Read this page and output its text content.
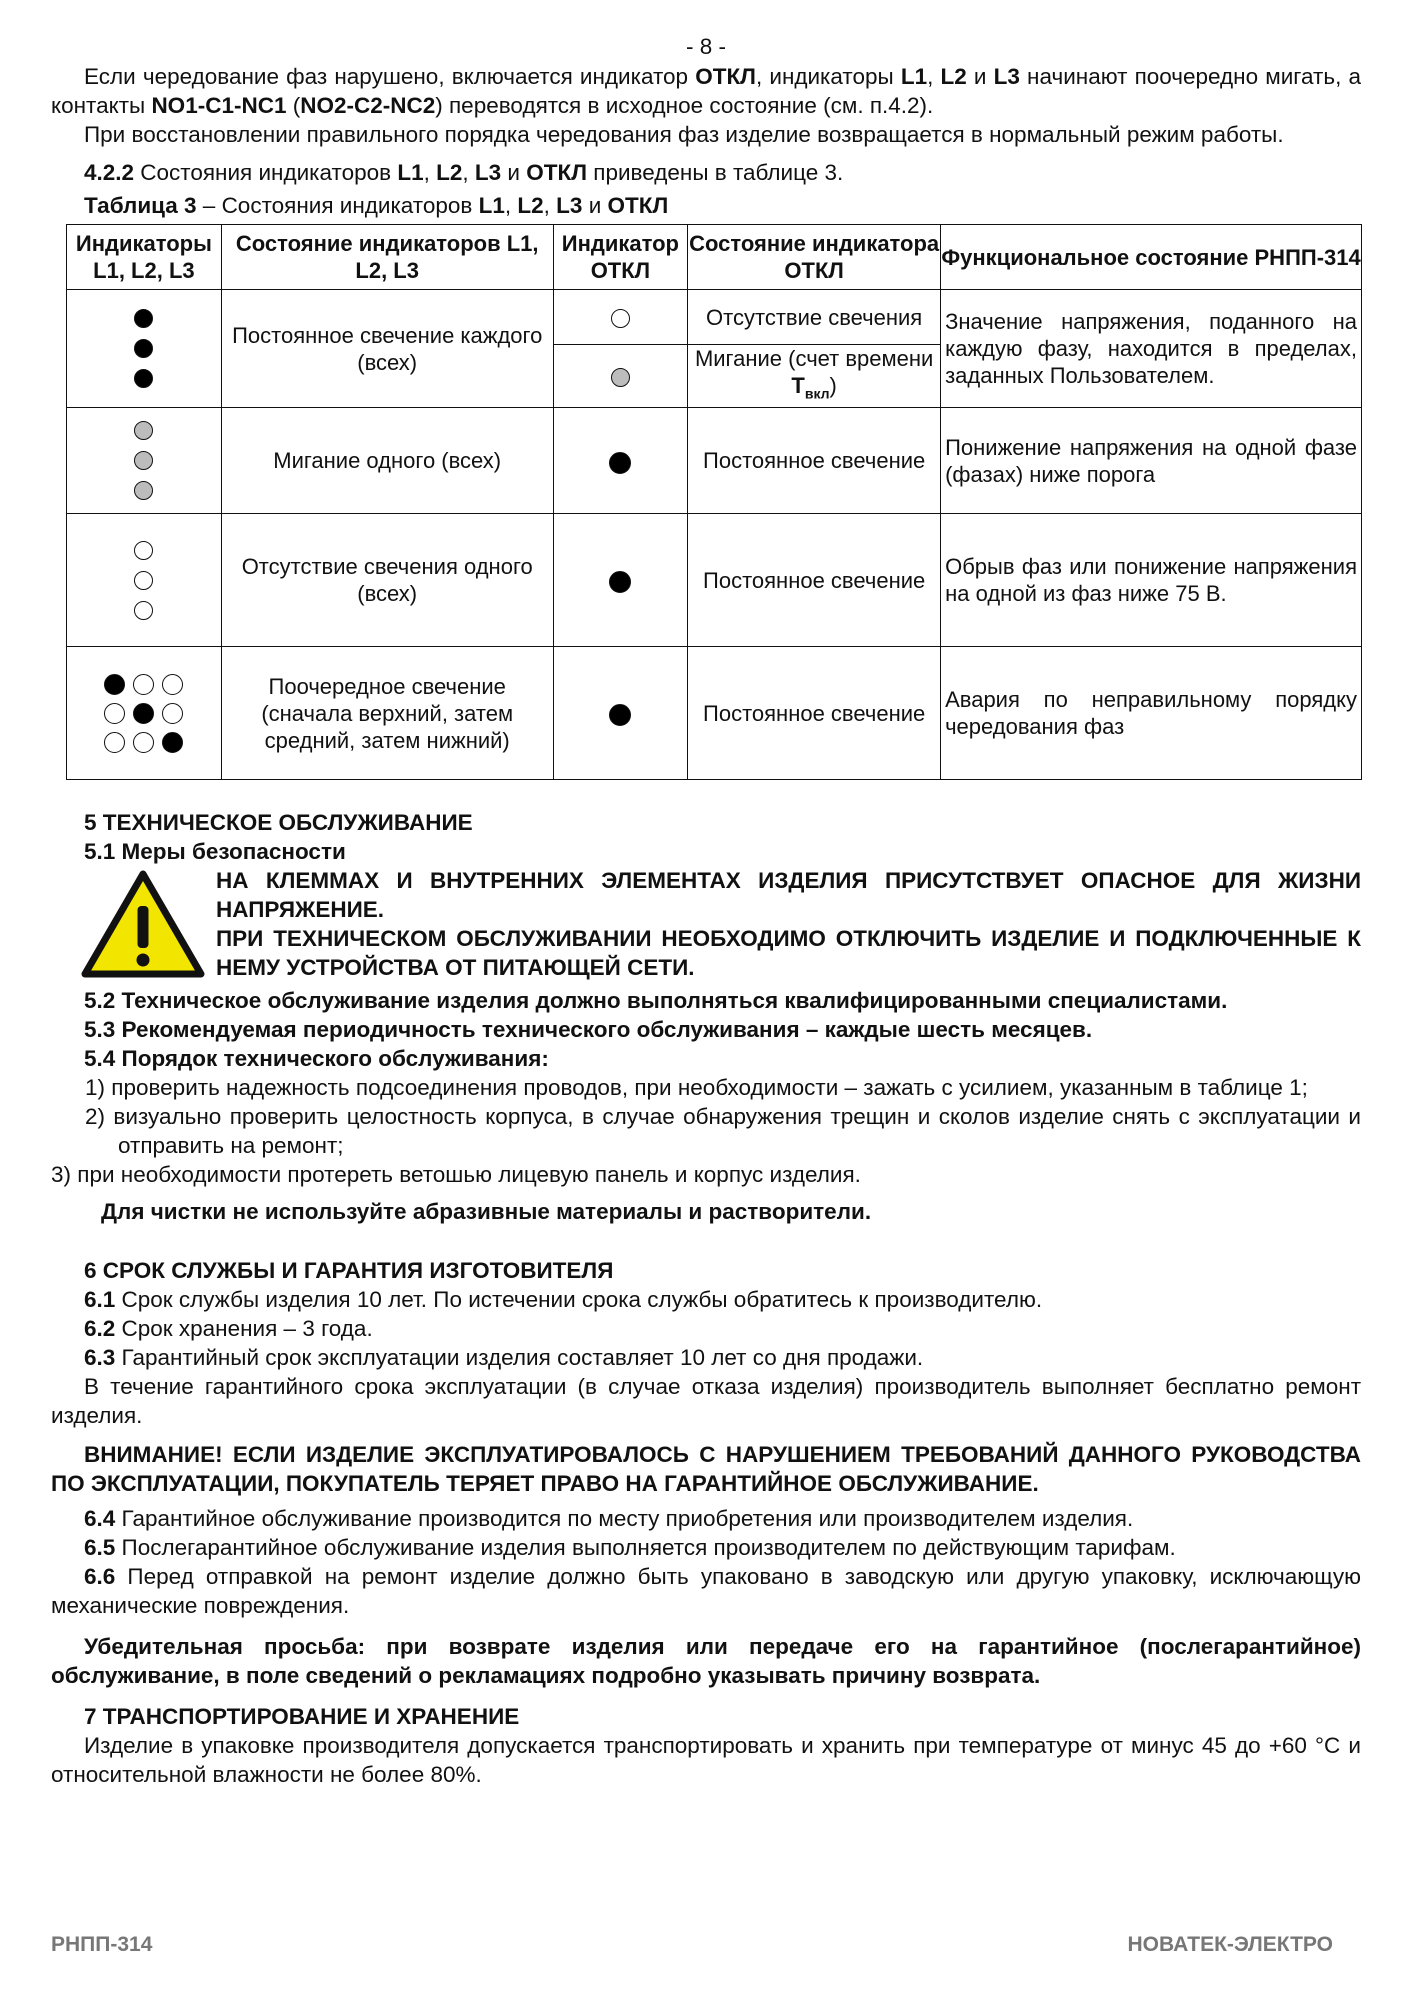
- 8 -

Если чередование фаз нарушено, включается индикатор ОТКЛ, индикаторы L1, L2 и L3 начинают поочередно мигать, а контакты NO1-C1-NC1 (NO2-C2-NC2) переводятся в исходное состояние (см. п.4.2).

При восстановлении правильного порядка чередования фаз изделие возвращается в нормальный режим работы.

4.2.2 Состояния индикаторов L1, L2, L3 и ОТКЛ приведены в таблице 3.

Таблица 3 – Состояния индикаторов L1, L2, L3 и ОТКЛ

Индикаторы L1, L2, L3	Состояние индикаторов L1, L2, L3	Индикатор ОТКЛ	Состояние индикатора ОТКЛ	Функциональное состояние РНПП-314

	Постоянное свечение каждого (всех)		Отсутствие свечения	Значение напряжения, поданного на каждую фазу, находится в пределах, заданных Пользователем.
			Мигание (счет времени $Т_{вкл}$)	

	Мигание одного (всех)		Постоянное свечение	Понижение напряжения на одной фазе (фазах) ниже порога

	Отсутствие свечения одного (всех)		Постоянное свечение	Обрыв фаз или понижение напряжения на одной из фаз ниже 75 В.

	Поочередное свечение (сначала верхний, затем средний, затем нижний)		Постоянное свечение	Авария по неправильному порядку чередования фаз

5 ТЕХНИЧЕСКОЕ ОБСЛУЖИВАНИЕ

5.1 Меры безопасности

НА КЛЕММАХ И ВНУТРЕННИХ ЭЛЕМЕНТАХ ИЗДЕЛИЯ ПРИСУТСТВУЕТ ОПАСНОЕ ДЛЯ ЖИЗНИ НАПРЯЖЕНИЕ.
ПРИ ТЕХНИЧЕСКОМ ОБСЛУЖИВАНИИ НЕОБХОДИМО ОТКЛЮЧИТЬ ИЗДЕЛИЕ И ПОДКЛЮЧЕННЫЕ К НЕМУ УСТРОЙСТВА ОТ ПИТАЮЩЕЙ СЕТИ.

5.2 Техническое обслуживание изделия должно выполняться квалифицированными специалистами.

5.3 Рекомендуемая периодичность технического обслуживания – каждые шесть месяцев.

5.4 Порядок технического обслуживания:

1) проверить надежность подсоединения проводов, при необходимости – зажать с усилием, указанным в таблице 1;

2) визуально проверить целостность корпуса, в случае обнаружения трещин и сколов изделие снять с эксплуатации и отправить на ремонт;

3) при необходимости протереть ветошью лицевую панель и корпус изделия.

Для чистки не используйте абразивные материалы и растворители.

6 СРОК СЛУЖБЫ И ГАРАНТИЯ ИЗГОТОВИТЕЛЯ

6.1 Срок службы изделия 10 лет. По истечении срока службы обратитесь к производителю.

6.2 Срок хранения – 3 года.

6.3 Гарантийный срок эксплуатации изделия составляет 10 лет со дня продажи.

В течение гарантийного срока эксплуатации (в случае отказа изделия) производитель выполняет бесплатно ремонт изделия.

ВНИМАНИЕ! ЕСЛИ ИЗДЕЛИЕ ЭКСПЛУАТИРОВАЛОСЬ С НАРУШЕНИЕМ ТРЕБОВАНИЙ ДАННОГО РУКОВОДСТВА ПО ЭКСПЛУАТАЦИИ, ПОКУПАТЕЛЬ ТЕРЯЕТ ПРАВО НА ГАРАНТИЙНОЕ ОБСЛУЖИВАНИЕ.

6.4 Гарантийное обслуживание производится по месту приобретения или производителем изделия.

6.5 Послегарантийное обслуживание изделия выполняется производителем по действующим тарифам.

6.6 Перед отправкой на ремонт изделие должно быть упаковано в заводскую или другую упаковку, исключающую механические повреждения.

Убедительная просьба: при возврате изделия или передаче его на гарантийное (послегарантийное) обслуживание, в поле сведений о рекламациях подробно указывать причину возврата.

7 ТРАНСПОРТИРОВАНИЕ И ХРАНЕНИЕ

Изделие в упаковке производителя допускается транспортировать и хранить при температуре от минус 45 до +60 °С и относительной влажности не более 80%.

РНПП-314	НОВАТЕК-ЭЛЕКТРО
